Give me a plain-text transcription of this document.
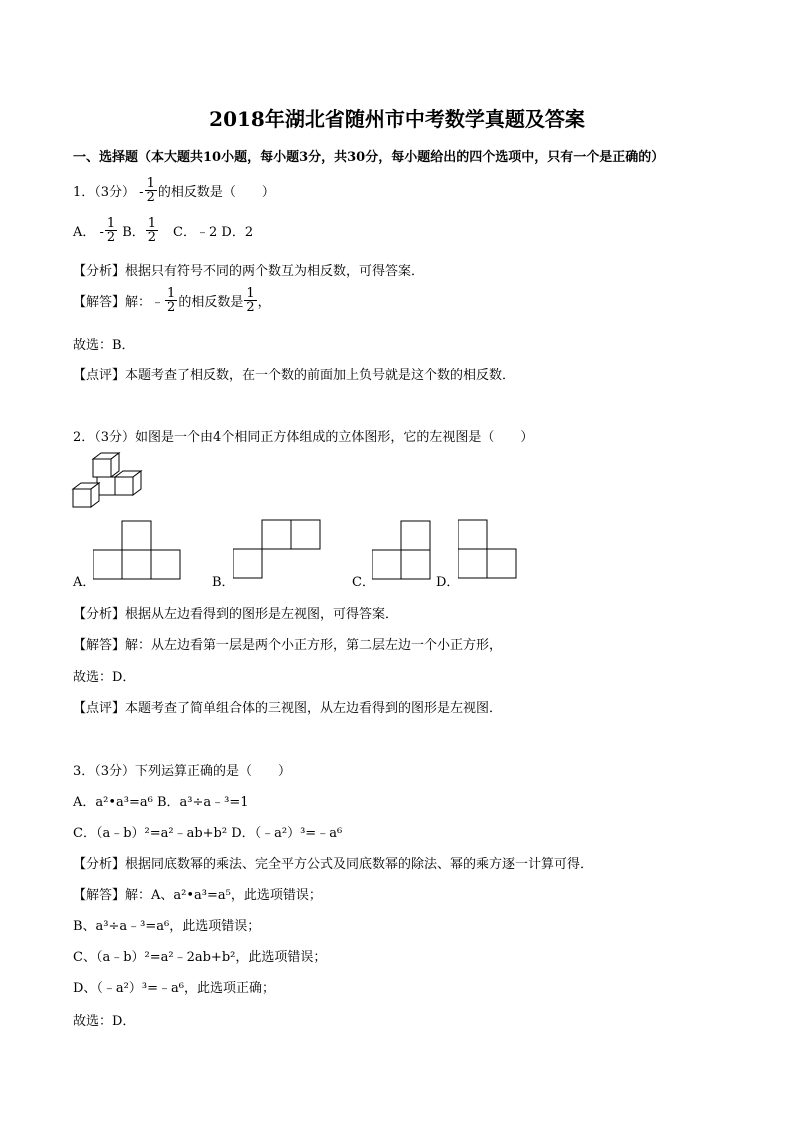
2018年湖北省随州市中考数学真题及答案
一、选择题（本大题共10小题，每小题3分，共30分，每小题给出的四个选项中，只有一个是正确的）
1．（3分） - $\frac{1}{2}$ 的相反数是（　　）
A． - $\frac{1}{2}$ B． $\frac{1}{2}$ C．﹣2 D．2
【分析】根据只有符号不同的两个数互为相反数，可得答案．
【解答】 解：﹣ $\frac{1}{2}$ 的相反数是 $\frac{1}{2}$ ，
故选：B．
【点评】本题考查了相反数，在一个数的前面加上负号就是这个数的相反数．
2．（3分）如图是一个由4个相同正方体组成的立体图形，它的左视图是（　　）
A．	B．	C．	D．
【分析】根据从左边看得到的图形是左视图，可得答案．
【解答】解：从左边看第一层是两个小正方形，第二层左边一个小正方形，
故选：D．
【点评】本题考查了简单组合体的三视图，从左边看得到的图形是左视图．
3．（3分）下列运算正确的是（　　）
A．a²•a³=a⁶ B．a³÷a﹣³=1
C．（a﹣b）²=a²﹣ab+b² D．（﹣a²）³=﹣a⁶
【分析】根据同底数幂的乘法、完全平方公式及同底数幂的除法、幂的乘方逐一计算可得．
【解答】解：A、a²•a³=a⁵，此选项错误；
B、a³÷a﹣³=a⁶，此选项错误；
C、（a﹣b）²=a²﹣2ab+b²，此选项错误；
D、（﹣a²）³=﹣a⁶，此选项正确；
故选：D．
